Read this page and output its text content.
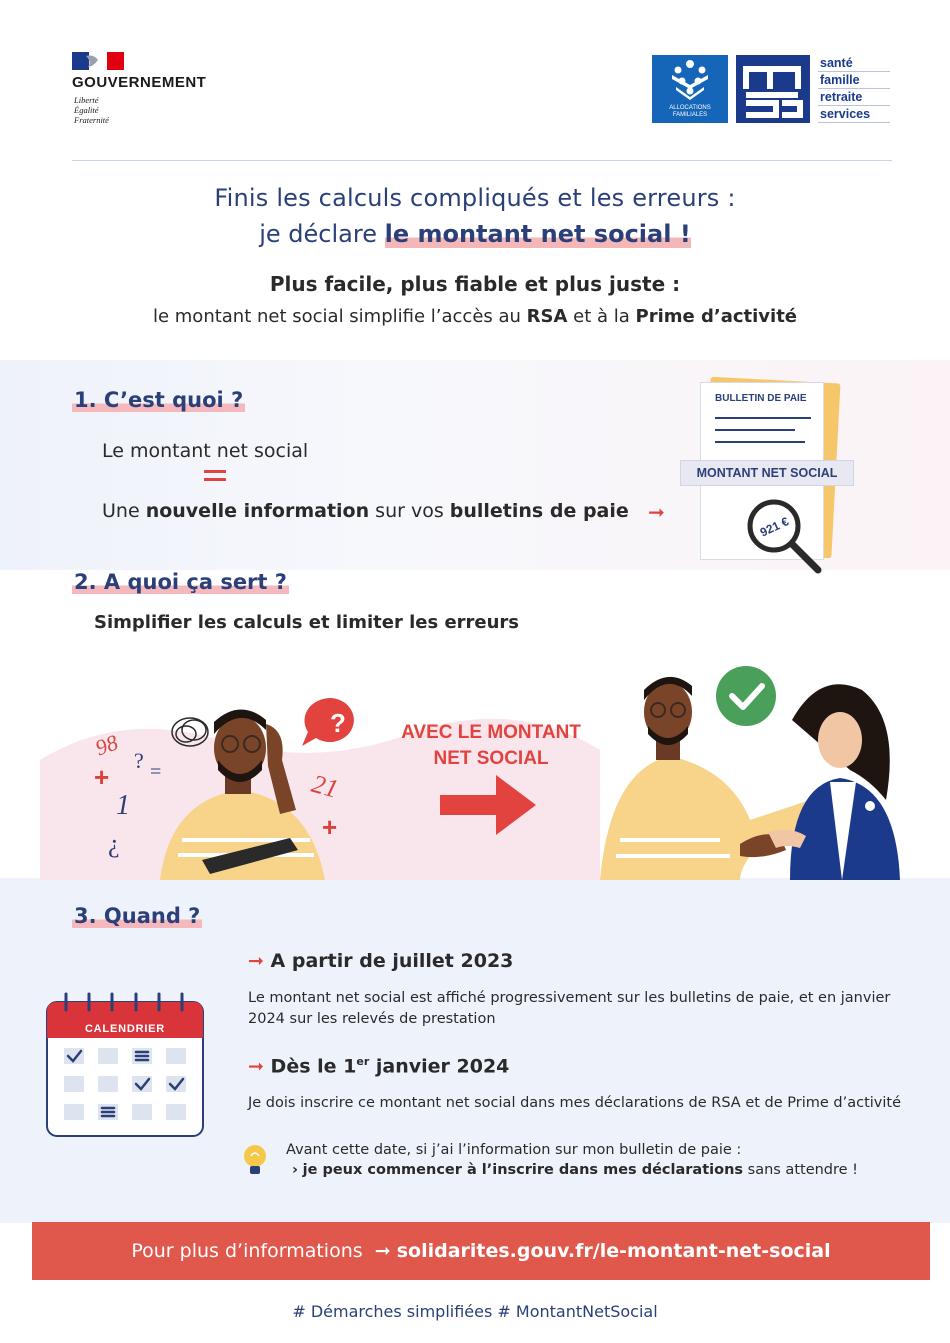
GOUVERNEMENT
Liberté
Égalité
Fraternité
ALLOCATIONS
FAMILIALES
santé
famille
retraite
services
Finis les calculs compliqués et les erreurs :
je déclare le montant net social !
Plus facile, plus fiable et plus juste :
le montant net social simplifie l’accès au RSA et à la Prime d’activité
1. C’est quoi ?
Le montant net social
Une nouvelle information sur vos bulletins de paie ➞
BULLETIN DE PAIE
MONTANT NET SOCIAL
921 €
2. A quoi ça sert ?
Simplifier les calculs et limiter les erreurs
98
? =
+
1
¿
21
+
?	AVEC LE MONTANT
NET SOCIAL
3. Quand ?
CALENDRIER
➞ A partir de juillet 2023
Le montant net social est affiché progressivement sur les bulletins de paie, et en janvier 2024 sur les relevés de prestation
➞ Dès le 1er janvier 2024
Je dois inscrire ce montant net social dans mes déclarations de RSA et de Prime d’activité
Avant cette date, si j’ai l’information sur mon bulletin de paie :
› je peux commencer à l’inscrire dans mes déclarations sans attendre !
Pour plus d’informations ➞ solidarites.gouv.fr/le-montant-net-social
# Démarches simplifiées # MontantNetSocial
